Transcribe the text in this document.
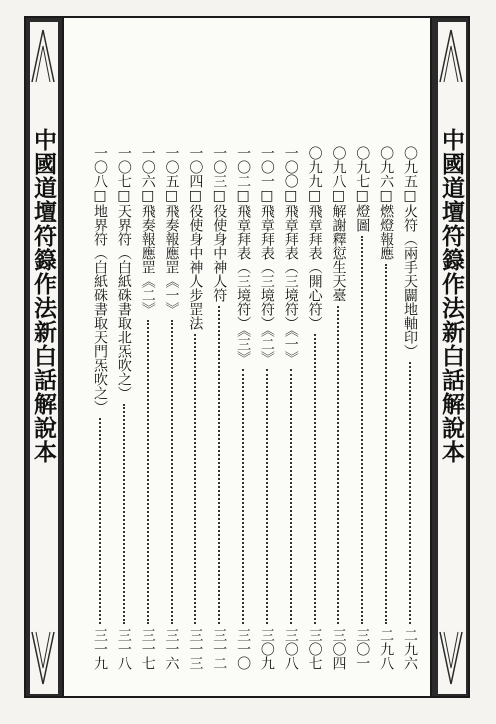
中國道壇符籙作法新白話解說本	中國道壇符籙作法新白話解說本
〇九五□火符（兩手天闢地軸印）
二九六
〇九六□燃燈報應
二九八
〇九七□燈圖
三〇一
〇九八□解謝釋愆生天臺
三〇四
〇九九□飛章拜表（開心符）
三〇七
一〇〇□飛章拜表（三境符）《一》
三〇八
一〇一□飛章拜表（三境符）《二》
三〇九
一〇二□飛章拜表（三境符）《三》
三一〇
一〇三□役使身中神人符
三一二
一〇四□役使身中神人步罡法
三一三
一〇五□飛奏報應罡《一》
三一六
一〇六□飛奏報應罡《二》
三一七
一〇七□天界符（白紙硃書取北炁吹之）
三一八
一〇八□地界符（白紙硃書取天門炁吹之）
三一九
